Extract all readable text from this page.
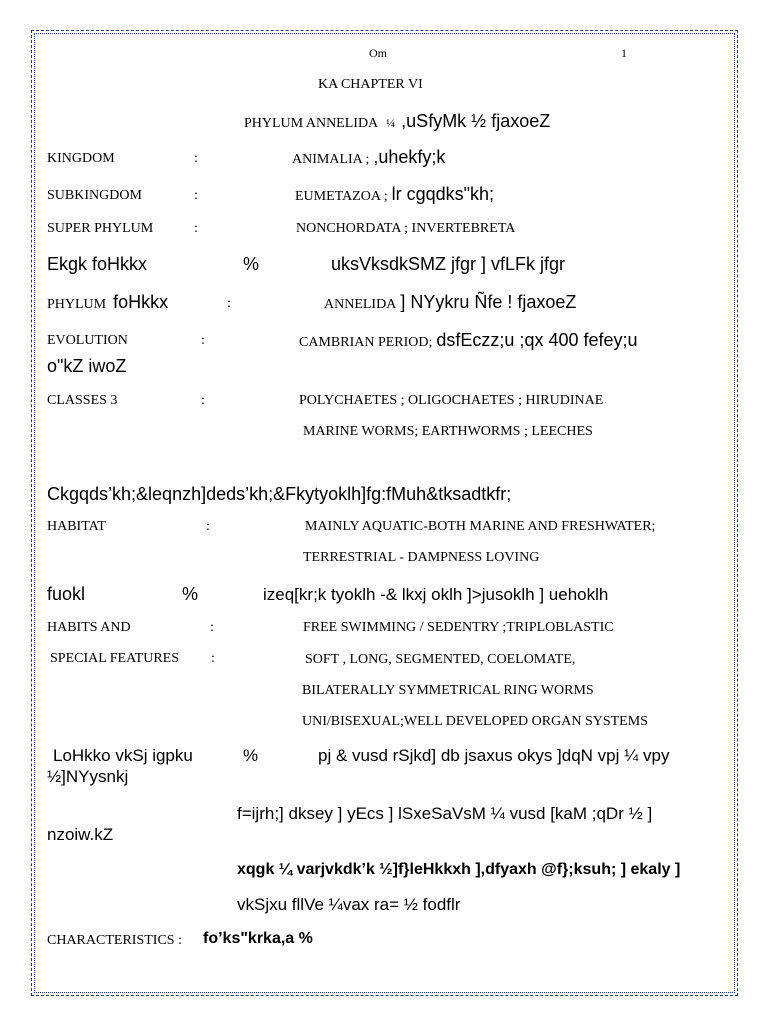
Om	1
KA CHAPTER VI
PHYLUM ANNELIDA ¼ ,uSfyMk ½ fjaxoeZ
KINGDOM	:	ANIMALIA ; ,uhekfy;k
SUBKINGDOM	:	EUMETAZOA ; lr cgqdks"kh;
SUPER PHYLUM	:	NONCHORDATA ; INVERTEBRETA
Ekgk foHkkx	%	uksVksdkSMZ jfgr ] vfLFk jfgr
PHYLUM foHkkx	:	ANNELIDA ] NYykru Ñfe ! fjaxoeZ
EVOLUTION	:	CAMBRIAN PERIOD; dsfEczz;u ;qx 400 fefey;u
o"kZ iwoZ
CLASSES 3	:	POLYCHAETES ; OLIGOCHAETES ; HIRUDINAE
MARINE WORMS; EARTHWORMS ; LEECHES
Ckgqds’kh;&leqnzh]deds’kh;&Fkytyoklh]fg:fMuh&tksadtkfr;
HABITAT	:	MAINLY AQUATIC-BOTH MARINE AND FRESHWATER;
TERRESTRIAL - DAMPNESS LOVING
fuokl	%	izeq[kr;k tyoklh -& lkxj oklh ]>jusoklh ] uehoklh
HABITS AND	:	FREE SWIMMING / SEDENTRY ;TRIPLOBLASTIC
SPECIAL FEATURES :	SOFT , LONG, SEGMENTED, COELOMATE,
BILATERALLY SYMMETRICAL RING WORMS
UNI/BISEXUAL;WELL DEVELOPED ORGAN SYSTEMS
LoHkko vkSj igpku	%	pj & vusd rSjkd] db jsaxus okys ]dqN vpj ¼ vpy
½]NYysnkj
f=ijrh;] dksey ] yEcs ] lSxeSaVsM ¼ vusd [kaM ;qDr ½ ]
nzoiw.kZ
xqgk ¼ varjvkdk’k ½]f}leHkkxh ],dfyaxh @f};ksuh; ] ekaly ]
vkSjxu fllVe ¼vax ra= ½ fodflr
CHARACTERISTICS : fo’ks"krka,a %
